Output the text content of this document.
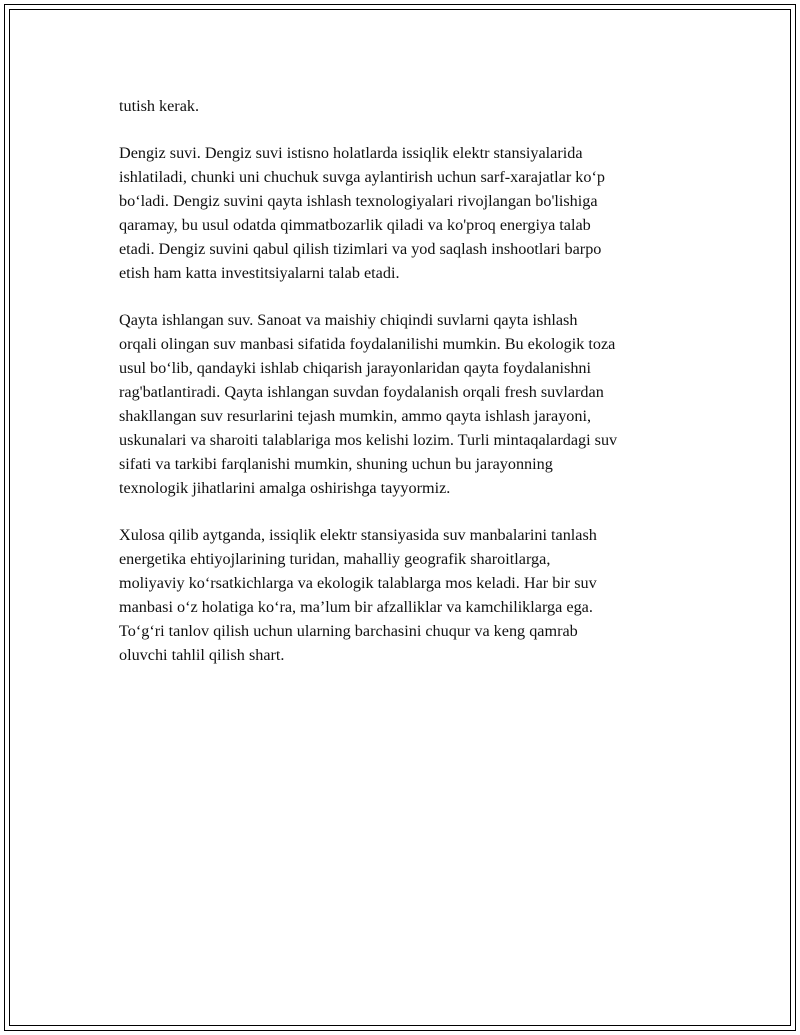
tutish kerak.

Dengiz suvi. Dengiz suvi istisno holatlarda issiqlik elektr stansiyalarida
ishlatiladi, chunki uni chuchuk suvga aylantirish uchun sarf-xarajatlar ko‘p
bo‘ladi. Dengiz suvini qayta ishlash texnologiyalari rivojlangan bo'lishiga
qaramay, bu usul odatda qimmatbozarlik qiladi va ko'proq energiya talab
etadi. Dengiz suvini qabul qilish tizimlari va yod saqlash inshootlari barpo
etish ham katta investitsiyalarni talab etadi.

Qayta ishlangan suv. Sanoat va maishiy chiqindi suvlarni qayta ishlash
orqali olingan suv manbasi sifatida foydalanilishi mumkin. Bu ekologik toza
usul bo‘lib, qandayki ishlab chiqarish jarayonlaridan qayta foydalanishni
rag'batlantiradi. Qayta ishlangan suvdan foydalanish orqali fresh suvlardan
shakllangan suv resurlarini tejash mumkin, ammo qayta ishlash jarayoni,
uskunalari va sharoiti talablariga mos kelishi lozim. Turli mintaqalardagi suv
sifati va tarkibi farqlanishi mumkin, shuning uchun bu jarayonning
texnologik jihatlarini amalga oshirishga tayyormiz.

Xulosa qilib aytganda, issiqlik elektr stansiyasida suv manbalarini tanlash
energetika ehtiyojlarining turidan, mahalliy geografik sharoitlarga,
moliyaviy ko‘rsatkichlarga va ekologik talablarga mos keladi. Har bir suv
manbasi o‘z holatiga ko‘ra, ma’lum bir afzalliklar va kamchiliklarga ega.
To‘g‘ri tanlov qilish uchun ularning barchasini chuqur va keng qamrab
oluvchi tahlil qilish shart.
